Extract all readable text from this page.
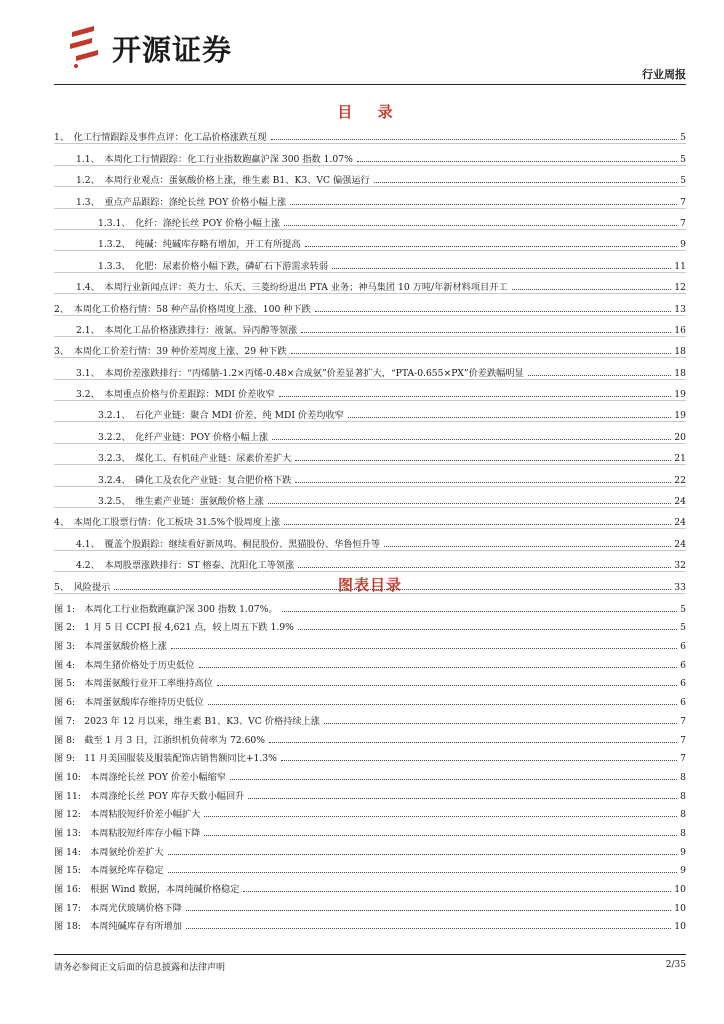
开源证券
行业周报
目 录
1、　化工行情跟踪及事件点评：化工品价格涨跌互现	5
1.1、　本周化工行情跟踪：化工行业指数跑赢沪深 300 指数 1.07%	5
1.2、　本周行业观点：蛋氨酸价格上涨，维生素 B1、K3、VC 偏强运行	5
1.3、　重点产品跟踪：涤纶长丝 POY 价格小幅上涨	7
1.3.1、　化纤：涤纶长丝 POY 价格小幅上涨	7
1.3.2、　纯碱：纯碱库存略有增加，开工有所提高	9
1.3.3、　化肥：尿素价格小幅下跌，磷矿石下游需求转弱	11
1.4、　本周行业新闻点评：英力士、乐天、三菱纷纷退出 PTA 业务；神马集团 10 万吨/年新材料项目开工	12
2、　本周化工价格行情：58 种产品价格周度上涨、100 种下跌	13
2.1、　本周化工品价格涨跌排行：液氯、异丙醇等领涨	16
3、　本周化工价差行情：39 种价差周度上涨、29 种下跌	18
3.1、　本周价差涨跌排行：“丙烯腈-1.2×丙烯-0.48×合成氨”价差显著扩大，“PTA-0.655×PX”价差跌幅明显	18
3.2、　本周重点价格与价差跟踪：MDI 价差收窄	19
3.2.1、　石化产业链：聚合 MDI 价差、纯 MDI 价差均收窄	19
3.2.2、　化纤产业链：POY 价格小幅上涨	20
3.2.3、　煤化工、有机硅产业链：尿素价差扩大	21
3.2.4、　磷化工及农化产业链：复合肥价格下跌	22
3.2.5、　维生素产业链：蛋氨酸价格上涨	24
4、　本周化工股票行情：化工板块 31.5%个股周度上涨	24
4.1、　覆盖个股跟踪：继续看好新凤鸣、桐昆股份、黑猫股份、华鲁恒升等	24
4.2、　本周股票涨跌排行：ST 榕泰、沈阳化工等领涨	32
5、　风险提示	33
图表目录
图 1:　本周化工行业指数跑赢沪深 300 指数 1.07%。	5
图 2:　1 月 5 日 CCPI 报 4,621 点，较上周五下跌 1.9%	5
图 3:　本周蛋氨酸价格上涨	6
图 4:　本周生猪价格处于历史低位	6
图 5:　本周蛋氨酸行业开工率维持高位	6
图 6:　本周蛋氨酸库存维持历史低位	6
图 7:　2023 年 12 月以来，维生素 B1、K3、VC 价格持续上涨	7
图 8:　截至 1 月 3 日，江浙织机负荷率为 72.60%	7
图 9:　11 月美国服装及服装配饰店销售额同比+1.3%	7
图 10:　本周涤纶长丝 POY 价差小幅缩窄	8
图 11:　本周涤纶长丝 POY 库存天数小幅回升	8
图 12:　本周粘胶短纤价差小幅扩大	8
图 13:　本周粘胶短纤库存小幅下降	8
图 14:　本周氨纶价差扩大	9
图 15:　本周氨纶库存稳定	9
图 16:　根据 Wind 数据，本周纯碱价格稳定	10
图 17:　本周光伏玻璃价格下降	10
图 18:　本周纯碱库存有所增加	10
请务必参阅正文后面的信息披露和法律声明	2/35
